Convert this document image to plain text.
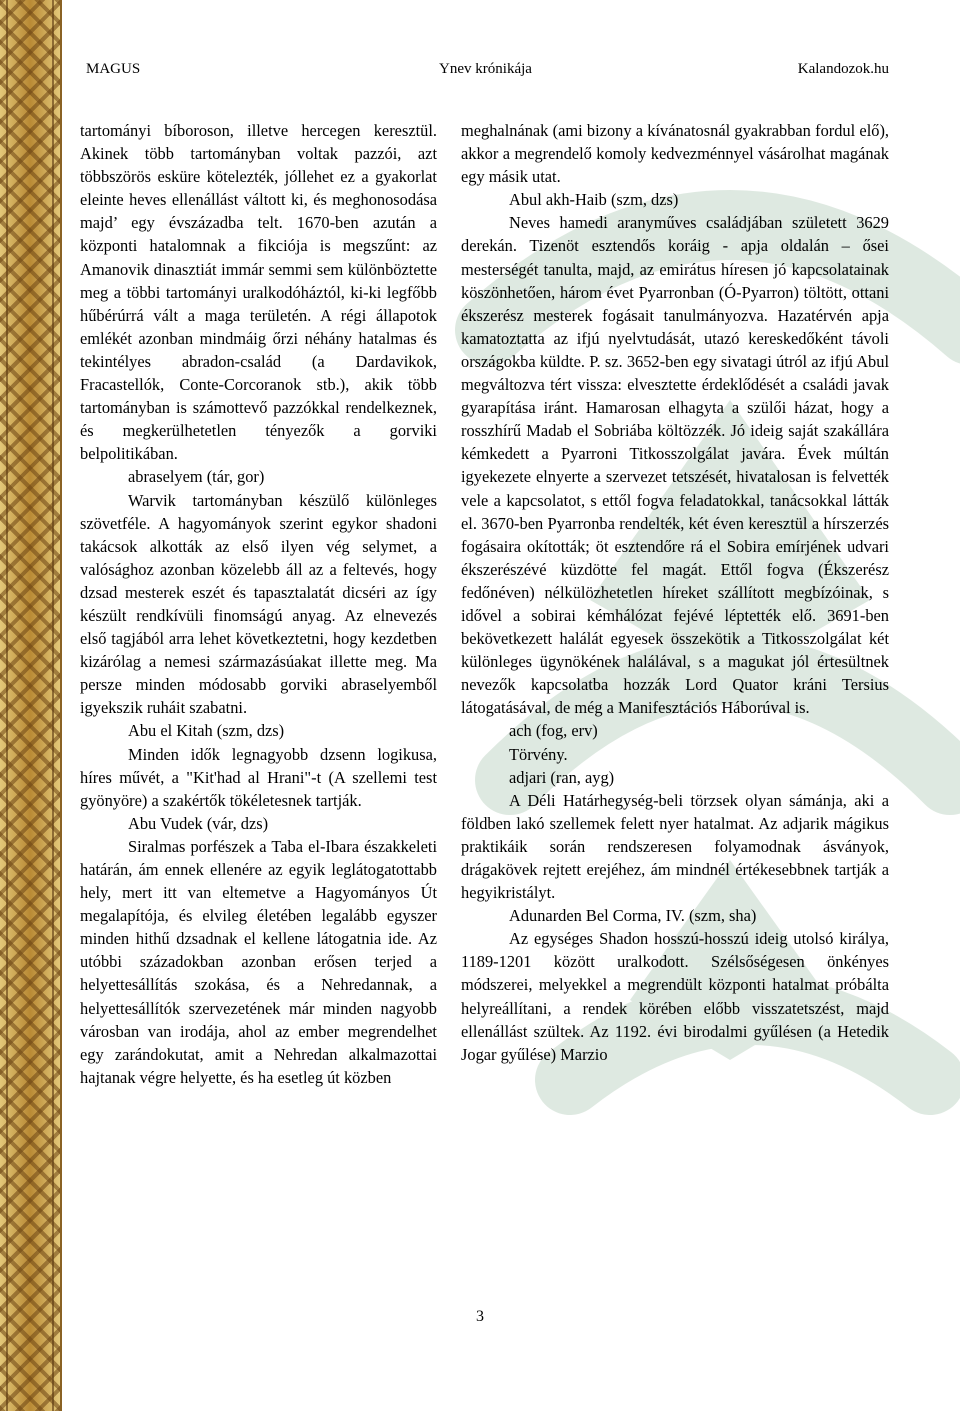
MAGUS	Ynev krónikája	Kalandozok.hu

tartományi bíboroson, illetve hercegen keresztül. Akinek több tartományban voltak pazzói, azt többszörös esküre kötelezték, jóllehet ez a gyakorlat eleinte heves ellenállást váltott ki, és meghonosodása majd’ egy évszázadba telt. 1670-ben azután a központi hatalomnak a fikciója is megszűnt: az Amanovik dinasztiát immár semmi sem különböztette meg a többi tartományi uralkodóháztól, ki-ki legfőbb hűbérúrrá vált a maga területén. A régi állapotok emlékét azonban mindmáig őrzi néhány hatalmas és tekintélyes abradon-család (a Dardavikok, Fracastellók, Conte-Corcoranok stb.), akik több tartományban is számottevő pazzókkal rendelkeznek, és megkerülhetetlen tényezők a gorviki belpolitikában.

abraselyem (tár, gor)

Warvik tartományban készülő különleges szövetféle. A hagyományok szerint egykor shadoni takácsok alkották az első ilyen vég selymet, a valósághoz azonban közelebb áll az a feltevés, hogy dzsad mesterek eszét és tapasztalatát dicséri az így készült rendkívüli finomságú anyag. Az elnevezés első tagjából arra lehet következtetni, hogy kezdetben kizárólag a nemesi származásúakat illette meg. Ma persze minden módosabb gorviki abraselyemből igyekszik ruháit szabatni.

Abu el Kitah (szm, dzs)

Minden idők legnagyobb dzsenn logikusa, híres művét, a "Kit'had al Hrani"-t (A szellemi test gyönyöre) a szakértők tökéletesnek tartják.

Abu Vudek (vár, dzs)

Siralmas porfészek a Taba el-Ibara északkeleti határán, ám ennek ellenére az egyik leglátogatottabb hely, mert itt van eltemetve a Hagyományos Út megalapítója, és elvileg életében legalább egyszer minden hithű dzsadnak el kellene látogatnia ide. Az utóbbi századokban azonban erősen terjed a helyettesállítás szokása, és a Nehredannak, a helyettesállítók szervezetének már minden nagyobb városban van irodája, ahol az ember megrendelhet egy zarándokutat, amit a Nehredan alkalmazottai hajtanak végre helyette, és ha esetleg út közben

meghalnának (ami bizony a kívánatosnál gyakrabban fordul elő), akkor a megrendelő komoly kedvezménnyel vásárolhat magának egy másik utat.

Abul akh-Haib (szm, dzs)

Neves hamedi aranyműves családjában született 3629 derekán. Tizenöt esztendős koráig - apja oldalán – ősei mesterségét tanulta, majd, az emirátus híresen jó kapcsolatainak köszönhetően, három évet Pyarronban (Ó-Pyarron) töltött, ottani ékszerész mesterek fogásait tanulmányozva. Hazatérvén apja kamatoztatta az ifjú nyelvtudását, utazó kereskedőként távoli országokba küldte. P. sz. 3652-ben egy sivatagi útról az ifjú Abul megváltozva tért vissza: elvesztette érdeklődését a családi javak gyarapítása iránt. Hamarosan elhagyta a szülői házat, hogy a rosszhírű Madab el Sobriába költözzék. Jó ideig saját szakállára kémkedett a Pyarroni Titkosszolgálat javára. Évek múltán igyekezete elnyerte a szervezet tetszését, hivatalosan is felvették vele a kapcsolatot, s ettől fogva feladatokkal, tanácsokkal látták el. 3670-ben Pyarronba rendelték, két éven keresztül a hírszerzés fogásaira okították; öt esztendőre rá el Sobira emírjének udvari ékszerészévé küzdötte fel magát. Ettől fogva (Ékszerész fedőnéven) nélkülözhetetlen híreket szállított megbízóinak, s idővel a sobirai kémhálózat fejévé léptették elő. 3691-ben bekövetkezett halálát egyesek összekötik a Titkosszolgálat két különleges ügynökének halálával, s a magukat jól értesültnek nevezők kapcsolatba hozzák Lord Quator kráni Tersius látogatásával, de még a Manifesztációs Háborúval is.

ach (fog, erv)

Törvény.

adjari (ran, ayg)

A Déli Határhegység-beli törzsek olyan sámánja, aki a földben lakó szellemek felett nyer hatalmat. Az adjarik mágikus praktikáik során rendszeresen folyamodnak ásványok, drágakövek rejtett erejéhez, ám mindnél értékesebbnek tartják a hegyikristályt.

Adunarden Bel Corma, IV. (szm, sha)

Az egységes Shadon hosszú-hosszú ideig utolsó királya, 1189-1201 között uralkodott. Szélsőségesen önkényes módszerei, melyekkel a megrendült központi hatalmat próbálta helyreállítani, a rendek körében előbb visszatetszést, majd ellenállást szültek. Az 1192. évi birodalmi gyűlésen (a Hetedik Jogar gyűlése) Marzio

3
